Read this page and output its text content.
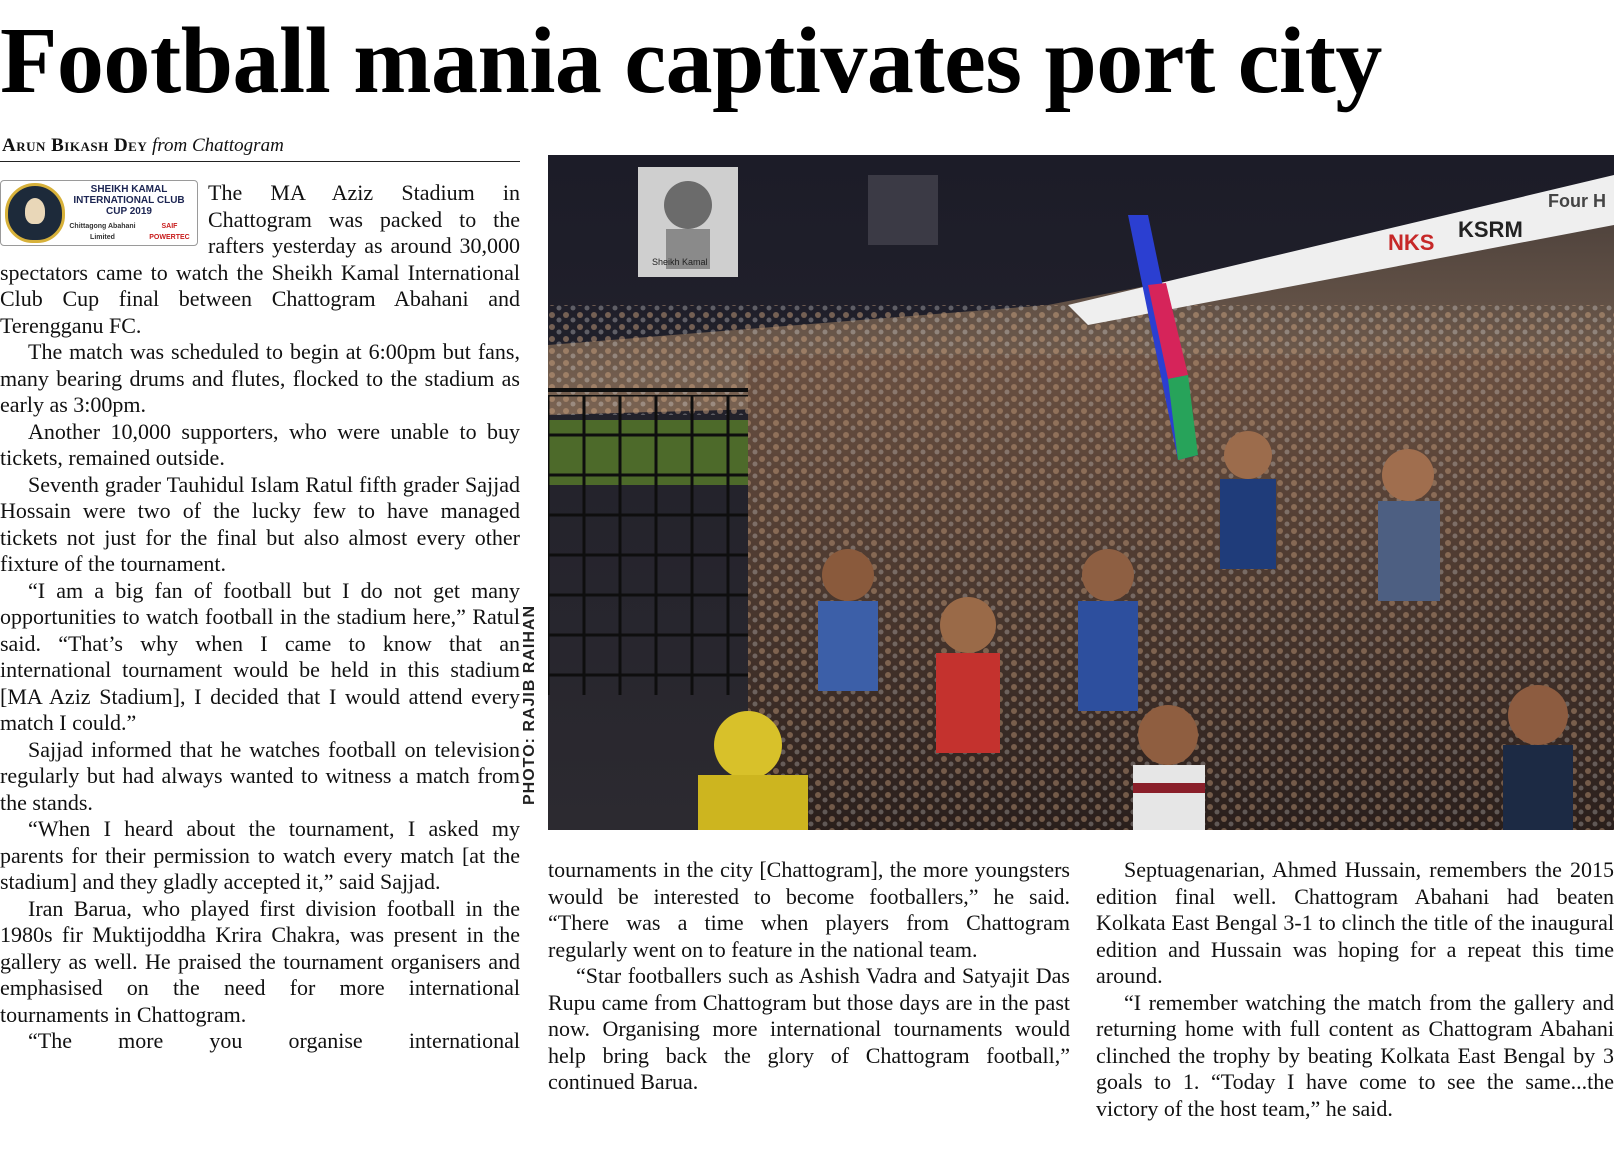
Football mania captivates port city
Arun Bikash Dey from Chattogram
SHEIKH KAMAL
INTERNATIONAL CLUB
CUP 2019
Chittagong Abahani Limited
SAIF POWERTEC

The MA Aziz Stadium in Chattogram was packed to the rafters yesterday as around 30,000 spectators came to watch the Sheikh Kamal International Club Cup final between Chattogram Abahani and Terengganu FC.

The match was scheduled to begin at 6:00pm but fans, many bearing drums and flutes, flocked to the stadium as early as 3:00pm.

Another 10,000 supporters, who were unable to buy tickets, remained outside.

Seventh grader Tauhidul Islam Ratul fifth grader Sajjad Hossain were two of the lucky few to have managed tickets not just for the final but also almost every other fixture of the tournament.

“I am a big fan of football but I do not get many opportunities to watch football in the stadium here,” Ratul said. “That’s why when I came to know that an international tournament would be held in this stadium [MA Aziz Stadium], I decided that I would attend every match I could.”

Sajjad informed that he watches football on television regularly but had always wanted to witness a match from the stands.

“When I heard about the tournament, I asked my parents for their permission to watch every match [at the stadium] and they gladly accepted it,” said Sajjad.

Iran Barua, who played first division football in the 1980s fir Muktijoddha Krira Chakra, was present in the gallery as well. He praised the tournament organisers and emphasised on the need for more international tournaments in Chattogram.

“The more you organise international

PHOTO: RAJIB RAIHAN
Sheikh Kamal
NKS
KSRM
Four H

tournaments in the city [Chattogram], the more youngsters would be interested to become footballers,” he said. “There was a time when players from Chattogram regularly went on to feature in the national team.

“Star footballers such as Ashish Vadra and Satyajit Das Rupu came from Chattogram but those days are in the past now. Organising more international tournaments would help bring back the glory of Chattogram football,” continued Barua.

Septuagenarian, Ahmed Hussain, remembers the 2015 edition final well. Chattogram Abahani had beaten Kolkata East Bengal 3-1 to clinch the title of the inaugural edition and Hussain was hoping for a repeat this time around.

“I remember watching the match from the gallery and returning home with full content as Chattogram Abahani clinched the trophy by beating Kolkata East Bengal by 3 goals to 1. “Today I have come to see the same...the victory of the host team,” he said.
